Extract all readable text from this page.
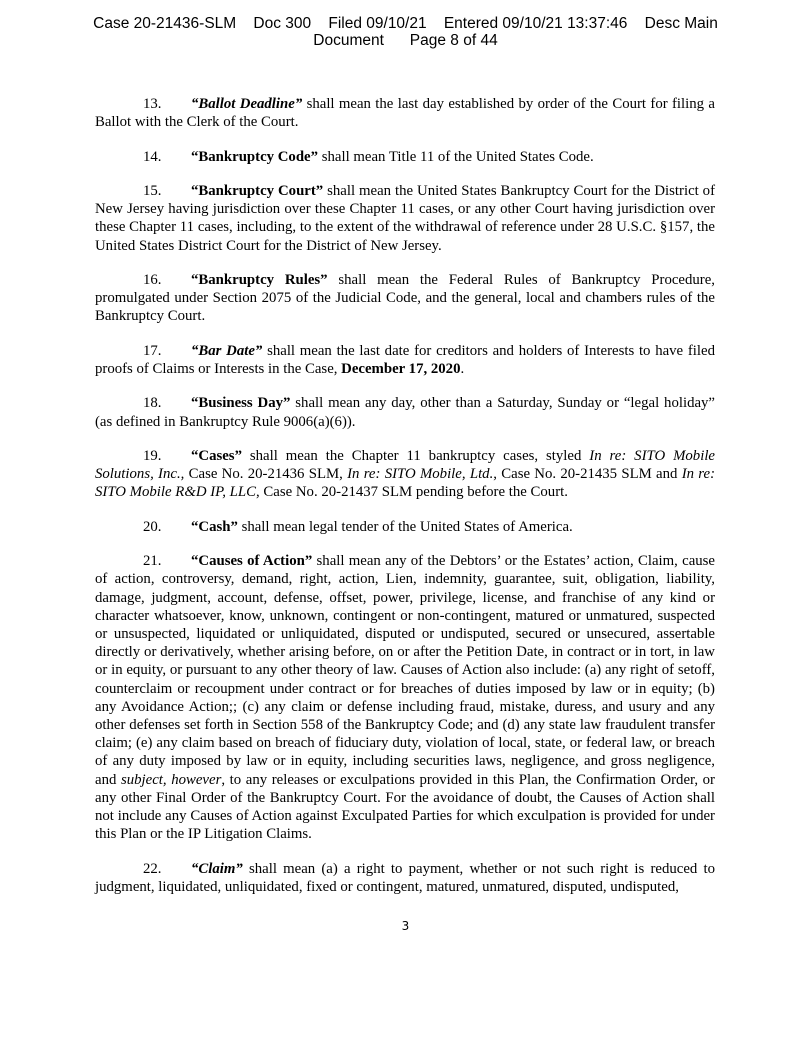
Case 20-21436-SLM    Doc 300    Filed 09/10/21    Entered 09/10/21 13:37:46    Desc Main
Document      Page 8 of 44

13. “Ballot Deadline” shall mean the last day established by order of the Court for filing a Ballot with the Clerk of the Court.

14. “Bankruptcy Code” shall mean Title 11 of the United States Code.

15. “Bankruptcy Court” shall mean the United States Bankruptcy Court for the District of New Jersey having jurisdiction over these Chapter 11 cases, or any other Court having jurisdiction over these Chapter 11 cases, including, to the extent of the withdrawal of reference under 28 U.S.C. §157, the United States District Court for the District of New Jersey.

16. “Bankruptcy Rules” shall mean the Federal Rules of Bankruptcy Procedure, promulgated under Section 2075 of the Judicial Code, and the general, local and chambers rules of the Bankruptcy Court.

17. “Bar Date” shall mean the last date for creditors and holders of Interests to have filed proofs of Claims or Interests in the Case, December 17, 2020.

18. “Business Day” shall mean any day, other than a Saturday, Sunday or “legal holiday” (as defined in Bankruptcy Rule 9006(a)(6)).

19. “Cases” shall mean the Chapter 11 bankruptcy cases, styled In re: SITO Mobile Solutions, Inc., Case No. 20-21436 SLM, In re: SITO Mobile, Ltd., Case No. 20-21435 SLM and In re: SITO Mobile R&D IP, LLC, Case No. 20-21437 SLM pending before the Court.

20. “Cash” shall mean legal tender of the United States of America.

21. “Causes of Action” shall mean any of the Debtors’ or the Estates’ action, Claim, cause of action, controversy, demand, right, action, Lien, indemnity, guarantee, suit, obligation, liability, damage, judgment, account, defense, offset, power, privilege, license, and franchise of any kind or character whatsoever, know, unknown, contingent or non-contingent, matured or unmatured, suspected or unsuspected, liquidated or unliquidated, disputed or undisputed, secured or unsecured, assertable directly or derivatively, whether arising before, on or after the Petition Date, in contract or in tort, in law or in equity, or pursuant to any other theory of law. Causes of Action also include: (a) any right of setoff, counterclaim or recoupment under contract or for breaches of duties imposed by law or in equity; (b) any Avoidance Action;; (c) any claim or defense including fraud, mistake, duress, and usury and any other defenses set forth in Section 558 of the Bankruptcy Code; and (d) any state law fraudulent transfer claim; (e) any claim based on breach of fiduciary duty, violation of local, state, or federal law, or breach of any duty imposed by law or in equity, including securities laws, negligence, and gross negligence, and subject, however, to any releases or exculpations provided in this Plan, the Confirmation Order, or any other Final Order of the Bankruptcy Court. For the avoidance of doubt, the Causes of Action shall not include any Causes of Action against Exculpated Parties for which exculpation is provided for under this Plan or the IP Litigation Claims.

22. “Claim” shall mean (a) a right to payment, whether or not such right is reduced to judgment, liquidated, unliquidated, fixed or contingent, matured, unmatured, disputed, undisputed,

3
